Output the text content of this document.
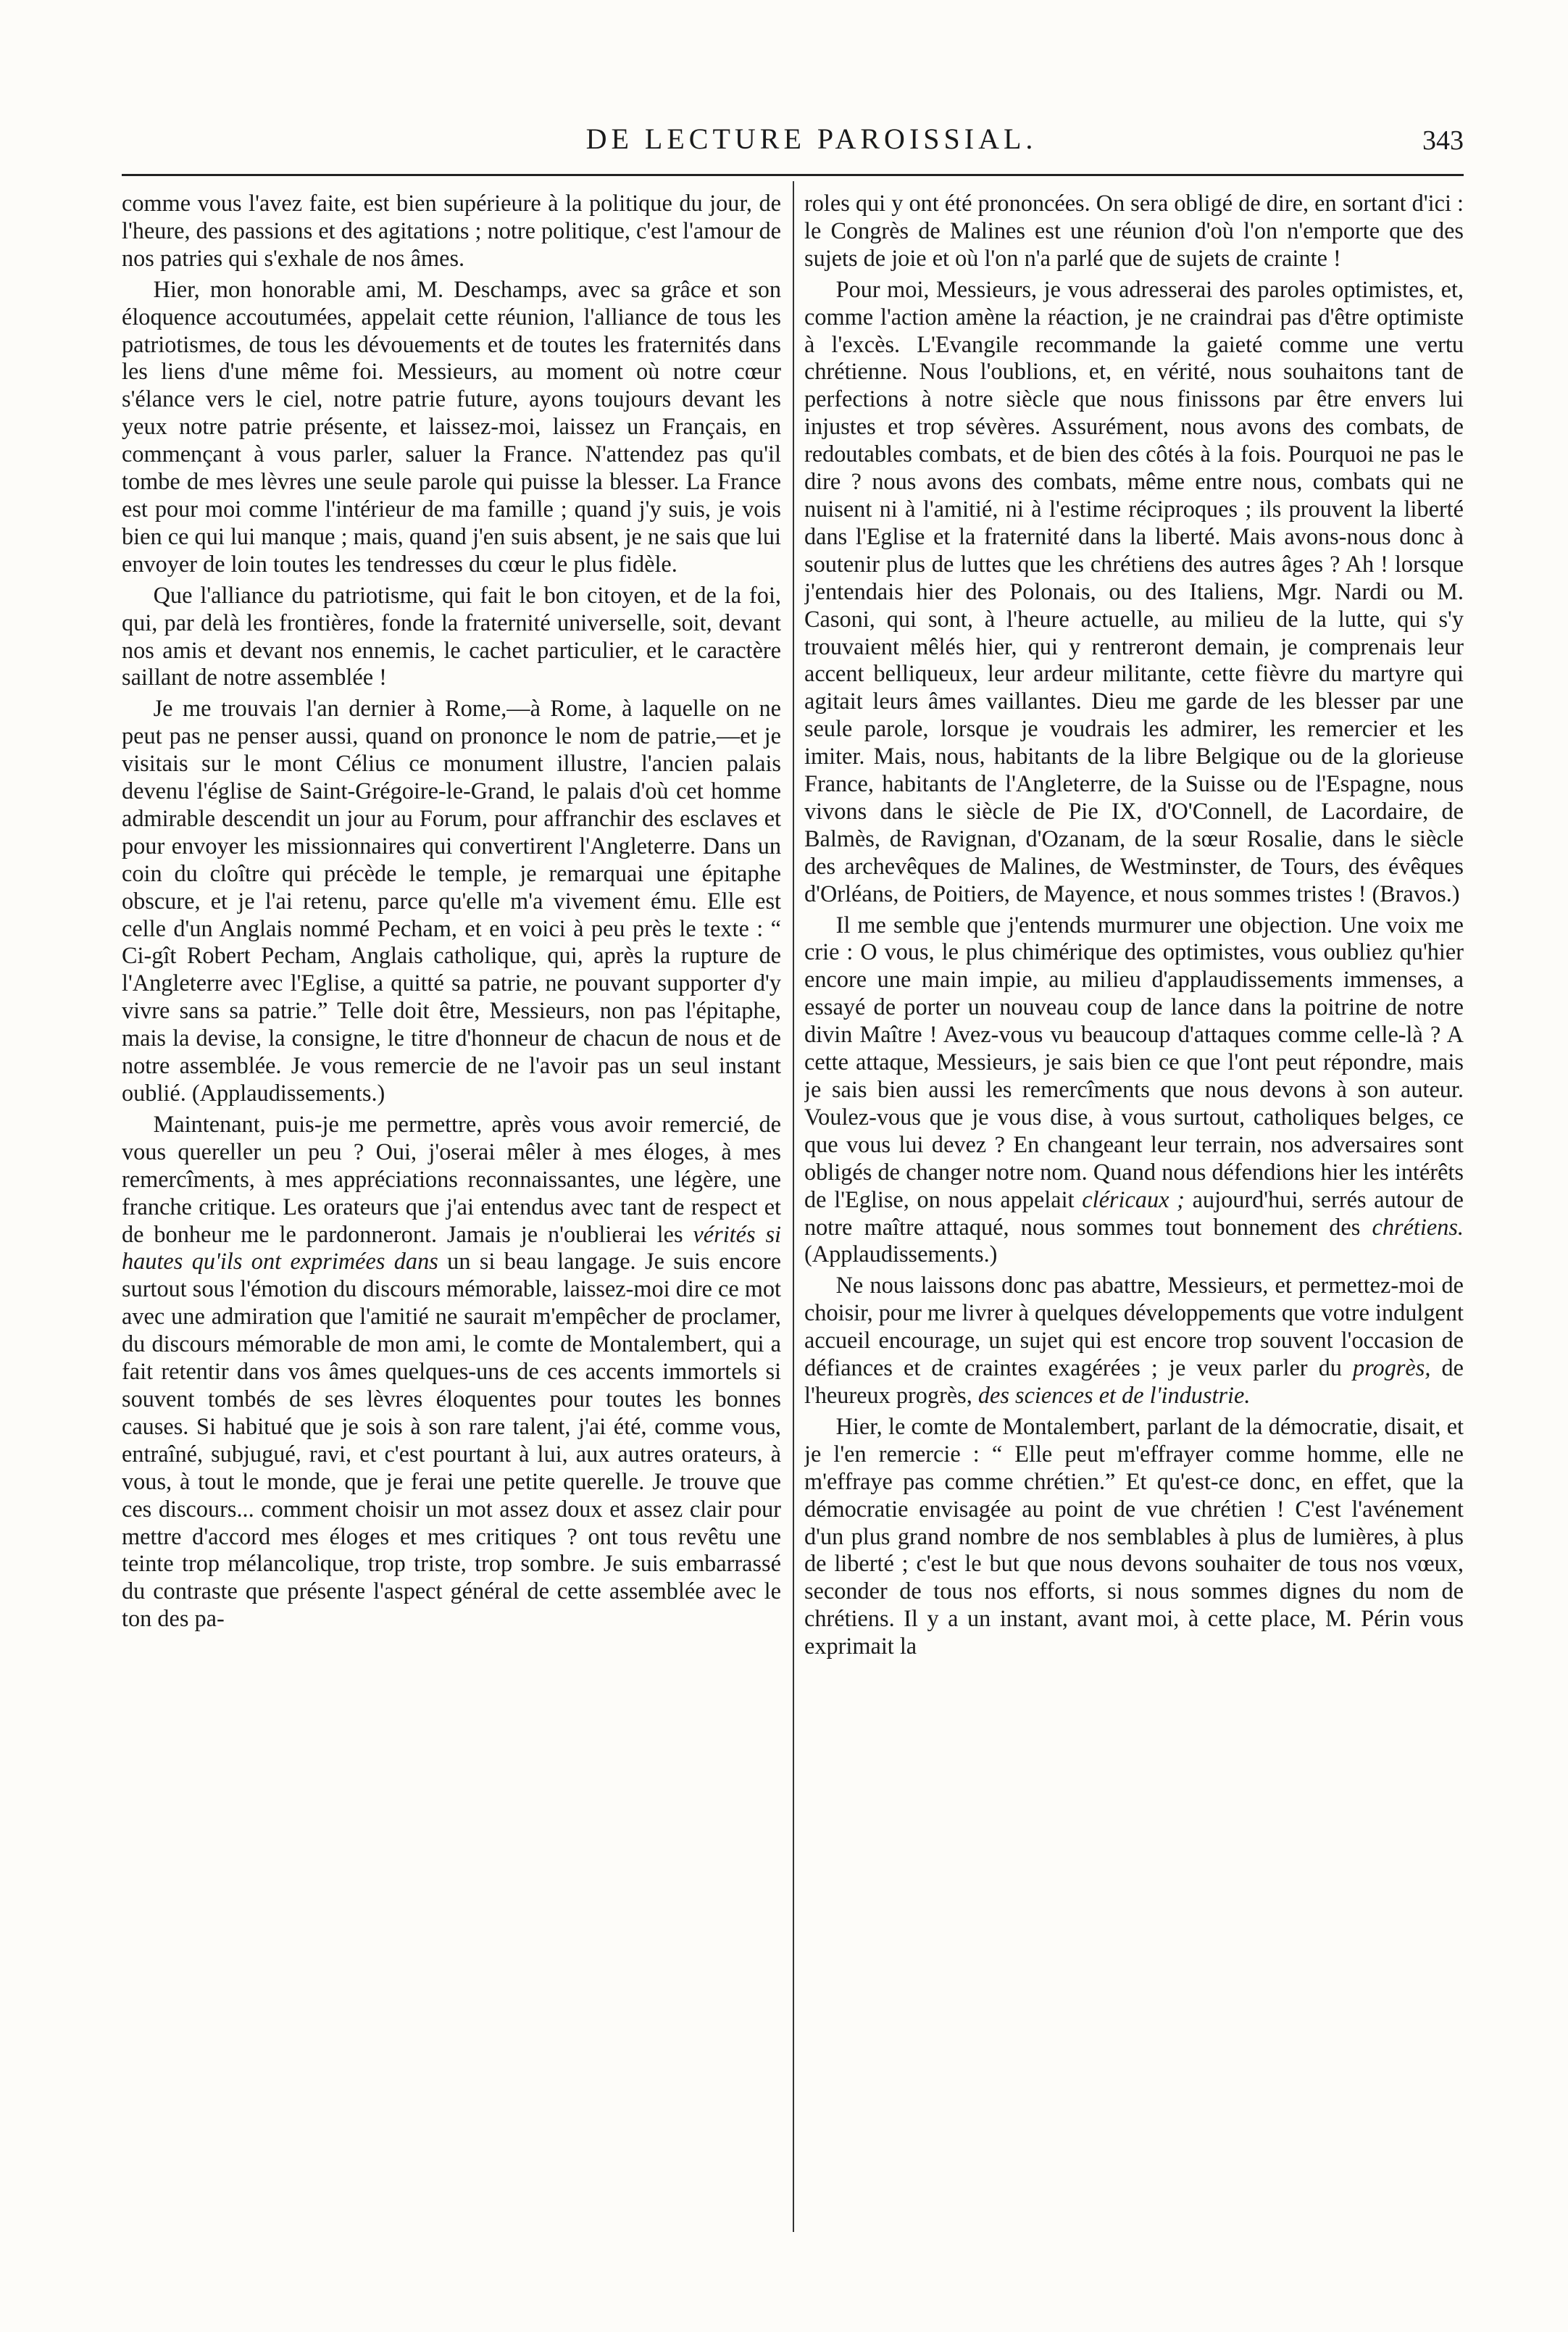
DE LECTURE PAROISSIAL.	343

comme vous l'avez faite, est bien supérieure à la politique du jour, de l'heure, des passions et des agitations ; notre politique, c'est l'amour de nos patries qui s'exhale de nos âmes.

Hier, mon honorable ami, M. Deschamps, avec sa grâce et son éloquence accoutumées, appelait cette réunion, l'alliance de tous les patriotismes, de tous les dévouements et de toutes les fraternités dans les liens d'une même foi. Messieurs, au moment où notre cœur s'élance vers le ciel, notre patrie future, ayons toujours devant les yeux notre patrie présente, et laissez-moi, laissez un Français, en commençant à vous parler, saluer la France. N'attendez pas qu'il tombe de mes lèvres une seule parole qui puisse la blesser. La France est pour moi comme l'intérieur de ma famille ; quand j'y suis, je vois bien ce qui lui manque ; mais, quand j'en suis absent, je ne sais que lui envoyer de loin toutes les tendresses du cœur le plus fidèle.

Que l'alliance du patriotisme, qui fait le bon citoyen, et de la foi, qui, par delà les frontières, fonde la fraternité universelle, soit, devant nos amis et devant nos ennemis, le cachet particulier, et le caractère saillant de notre assemblée !

Je me trouvais l'an dernier à Rome,—à Rome, à laquelle on ne peut pas ne penser aussi, quand on prononce le nom de patrie,—et je visitais sur le mont Célius ce monument illustre, l'ancien palais devenu l'église de Saint-Grégoire-le-Grand, le palais d'où cet homme admirable descendit un jour au Forum, pour affranchir des esclaves et pour envoyer les missionnaires qui convertirent l'Angleterre. Dans un coin du cloître qui précède le temple, je remarquai une épitaphe obscure, et je l'ai retenu, parce qu'elle m'a vivement ému. Elle est celle d'un Anglais nommé Pecham, et en voici à peu près le texte : “ Ci-gît Robert Pecham, Anglais catholique, qui, après la rupture de l'Angleterre avec l'Eglise, a quitté sa patrie, ne pouvant supporter d'y vivre sans sa patrie.” Telle doit être, Messieurs, non pas l'épitaphe, mais la devise, la consigne, le titre d'honneur de chacun de nous et de notre assemblée. Je vous remercie de ne l'avoir pas un seul instant oublié. (Applaudissements.)

Maintenant, puis-je me permettre, après vous avoir remercié, de vous quereller un peu ? Oui, j'oserai mêler à mes éloges, à mes remercîments, à mes appréciations reconnaissantes, une légère, une franche critique. Les orateurs que j'ai entendus avec tant de respect et de bonheur me le pardonneront. Jamais je n'oublierai les vérités si hautes qu'ils ont exprimées dans un si beau langage. Je suis encore surtout sous l'émotion du discours mémorable, laissez-moi dire ce mot avec une admiration que l'amitié ne saurait m'empêcher de proclamer, du discours mémorable de mon ami, le comte de Montalembert, qui a fait retentir dans vos âmes quelques-uns de ces accents immortels si souvent tombés de ses lèvres éloquentes pour toutes les bonnes causes. Si habitué que je sois à son rare talent, j'ai été, comme vous, entraîné, subjugué, ravi, et c'est pourtant à lui, aux autres orateurs, à vous, à tout le monde, que je ferai une petite querelle. Je trouve que ces discours... comment choisir un mot assez doux et assez clair pour mettre d'accord mes éloges et mes critiques ? ont tous revêtu une teinte trop mélancolique, trop triste, trop sombre. Je suis embarrassé du contraste que présente l'aspect général de cette assemblée avec le ton des pa-

roles qui y ont été prononcées. On sera obligé de dire, en sortant d'ici : le Congrès de Malines est une réunion d'où l'on n'emporte que des sujets de joie et où l'on n'a parlé que de sujets de crainte !

Pour moi, Messieurs, je vous adresserai des paroles optimistes, et, comme l'action amène la réaction, je ne craindrai pas d'être optimiste à l'excès. L'Evangile recommande la gaieté comme une vertu chrétienne. Nous l'oublions, et, en vérité, nous souhaitons tant de perfections à notre siècle que nous finissons par être envers lui injustes et trop sévères. Assurément, nous avons des combats, de redoutables combats, et de bien des côtés à la fois. Pourquoi ne pas le dire ? nous avons des combats, même entre nous, combats qui ne nuisent ni à l'amitié, ni à l'estime réciproques ; ils prouvent la liberté dans l'Eglise et la fraternité dans la liberté. Mais avons-nous donc à soutenir plus de luttes que les chrétiens des autres âges ? Ah ! lorsque j'entendais hier des Polonais, ou des Italiens, Mgr. Nardi ou M. Casoni, qui sont, à l'heure actuelle, au milieu de la lutte, qui s'y trouvaient mêlés hier, qui y rentreront demain, je comprenais leur accent belliqueux, leur ardeur militante, cette fièvre du martyre qui agitait leurs âmes vaillantes. Dieu me garde de les blesser par une seule parole, lorsque je voudrais les admirer, les remercier et les imiter. Mais, nous, habitants de la libre Belgique ou de la glorieuse France, habitants de l'Angleterre, de la Suisse ou de l'Espagne, nous vivons dans le siècle de Pie IX, d'O'Connell, de Lacordaire, de Balmès, de Ravignan, d'Ozanam, de la sœur Rosalie, dans le siècle des archevêques de Malines, de Westminster, de Tours, des évêques d'Orléans, de Poitiers, de Mayence, et nous sommes tristes ! (Bravos.)

Il me semble que j'entends murmurer une objection. Une voix me crie : O vous, le plus chimérique des optimistes, vous oubliez qu'hier encore une main impie, au milieu d'applaudissements immenses, a essayé de porter un nouveau coup de lance dans la poitrine de notre divin Maître ! Avez-vous vu beaucoup d'attaques comme celle-là ? A cette attaque, Messieurs, je sais bien ce que l'ont peut répondre, mais je sais bien aussi les remercîments que nous devons à son auteur. Voulez-vous que je vous dise, à vous surtout, catholiques belges, ce que vous lui devez ? En changeant leur terrain, nos adversaires sont obligés de changer notre nom. Quand nous défendions hier les intérêts de l'Eglise, on nous appelait cléricaux ; aujourd'hui, serrés autour de notre maître attaqué, nous sommes tout bonnement des chrétiens. (Applaudissements.)

Ne nous laissons donc pas abattre, Messieurs, et permettez-moi de choisir, pour me livrer à quelques développements que votre indulgent accueil encourage, un sujet qui est encore trop souvent l'occasion de défiances et de craintes exagérées ; je veux parler du progrès, de l'heureux progrès, des sciences et de l'industrie.

Hier, le comte de Montalembert, parlant de la démocratie, disait, et je l'en remercie : “ Elle peut m'effrayer comme homme, elle ne m'effraye pas comme chrétien.” Et qu'est-ce donc, en effet, que la démocratie envisagée au point de vue chrétien ! C'est l'avénement d'un plus grand nombre de nos semblables à plus de lumières, à plus de liberté ; c'est le but que nous devons souhaiter de tous nos vœux, seconder de tous nos efforts, si nous sommes dignes du nom de chrétiens. Il y a un instant, avant moi, à cette place, M. Périn vous exprimait la
